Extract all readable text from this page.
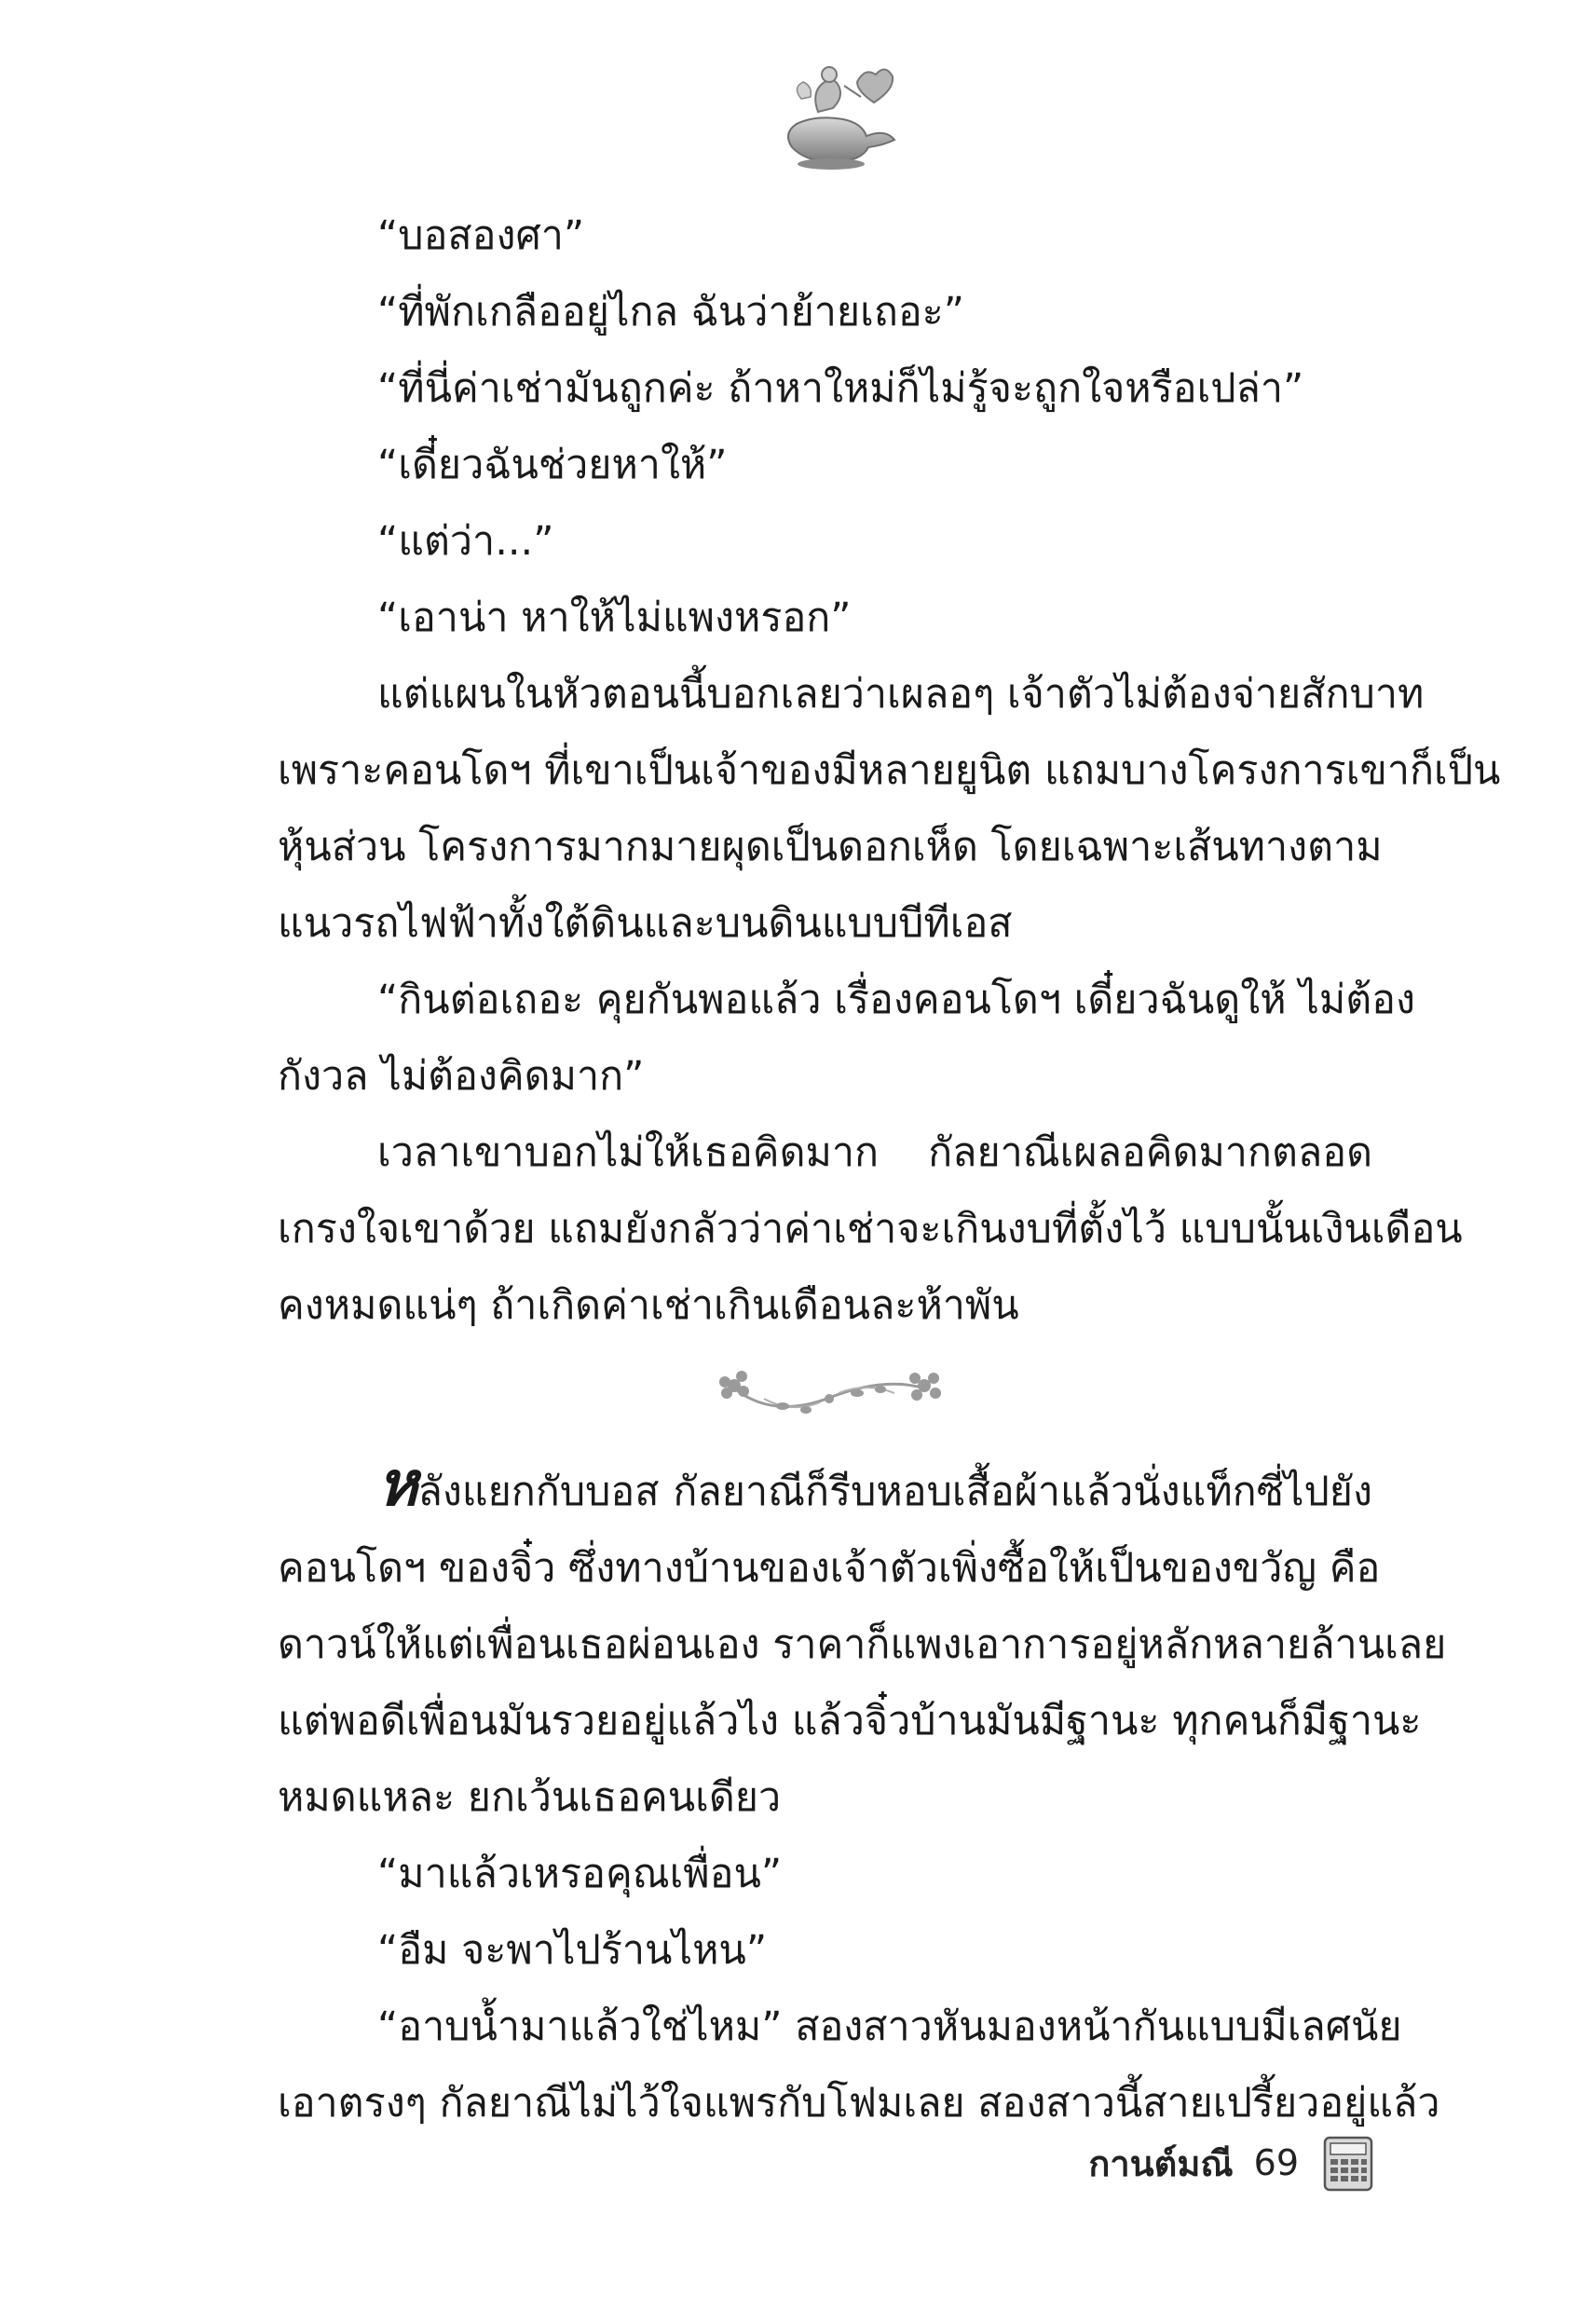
“บอสองศา”
“ที่พักเกลืออยู่ไกล ฉันว่าย้ายเถอะ”
“ที่นี่ค่าเช่ามันถูกค่ะ ถ้าหาใหม่ก็ไม่รู้จะถูกใจหรือเปล่า”
“เดี๋ยวฉันช่วยหาให้”
“แต่ว่า...”
“เอาน่า หาให้ไม่แพงหรอก”
แต่แผนในหัวตอนนี้บอกเลยว่าเผลอๆ เจ้าตัวไม่ต้องจ่ายสักบาท
เพราะคอนโดฯ ที่เขาเป็นเจ้าของมีหลายยูนิต แถมบางโครงการเขาก็เป็น
หุ้นส่วน โครงการมากมายผุดเป็นดอกเห็ด โดยเฉพาะเส้นทางตาม
แนวรถไฟฟ้าทั้งใต้ดินและบนดินแบบบีทีเอส
“กินต่อเถอะ คุยกันพอแล้ว เรื่องคอนโดฯ เดี๋ยวฉันดูให้ ไม่ต้อง
กังวล ไม่ต้องคิดมาก”
เวลาเขาบอกไม่ให้เธอคิดมาก กัลยาณีเผลอคิดมากตลอด
เกรงใจเขาด้วย แถมยังกลัวว่าค่าเช่าจะเกินงบที่ตั้งไว้ แบบนั้นเงินเดือน
คงหมดแน่ๆ ถ้าเกิดค่าเช่าเกินเดือนละห้าพัน
หลังแยกกับบอส กัลยาณีก็รีบหอบเสื้อผ้าแล้วนั่งแท็กซี่ไปยัง
คอนโดฯ ของจิ๋ว ซึ่งทางบ้านของเจ้าตัวเพิ่งซื้อให้เป็นของขวัญ คือ
ดาวน์ให้แต่เพื่อนเธอผ่อนเอง ราคาก็แพงเอาการอยู่หลักหลายล้านเลย
แต่พอดีเพื่อนมันรวยอยู่แล้วไง แล้วจิ๋วบ้านมันมีฐานะ ทุกคนก็มีฐานะ
หมดแหละ ยกเว้นเธอคนเดียว
“มาแล้วเหรอคุณเพื่อน”
“อืม จะพาไปร้านไหน”
“อาบน้ำมาแล้วใช่ไหม” สองสาวหันมองหน้ากันแบบมีเลศนัย
เอาตรงๆ กัลยาณีไม่ไว้ใจแพรกับโฟมเลย สองสาวนี้สายเปรี้ยวอยู่แล้ว
กานต์มณี 69
